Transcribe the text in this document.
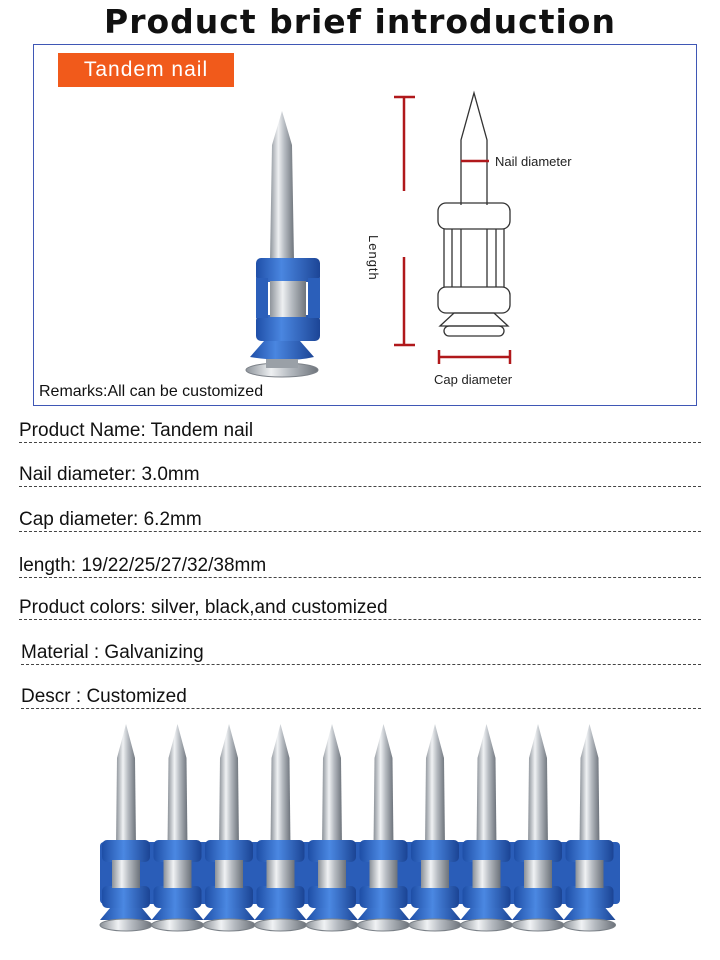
Product brief introduction
Tandem nail
Nail diameter
Length
Cap diameter
Remarks:All can be customized
Product Name: Tandem nail
Nail diameter: 3.0mm
Cap diameter: 6.2mm
length: 19/22/25/27/32/38mm
Product colors: silver, black,and customized
Material : Galvanizing
Descr : Customized
